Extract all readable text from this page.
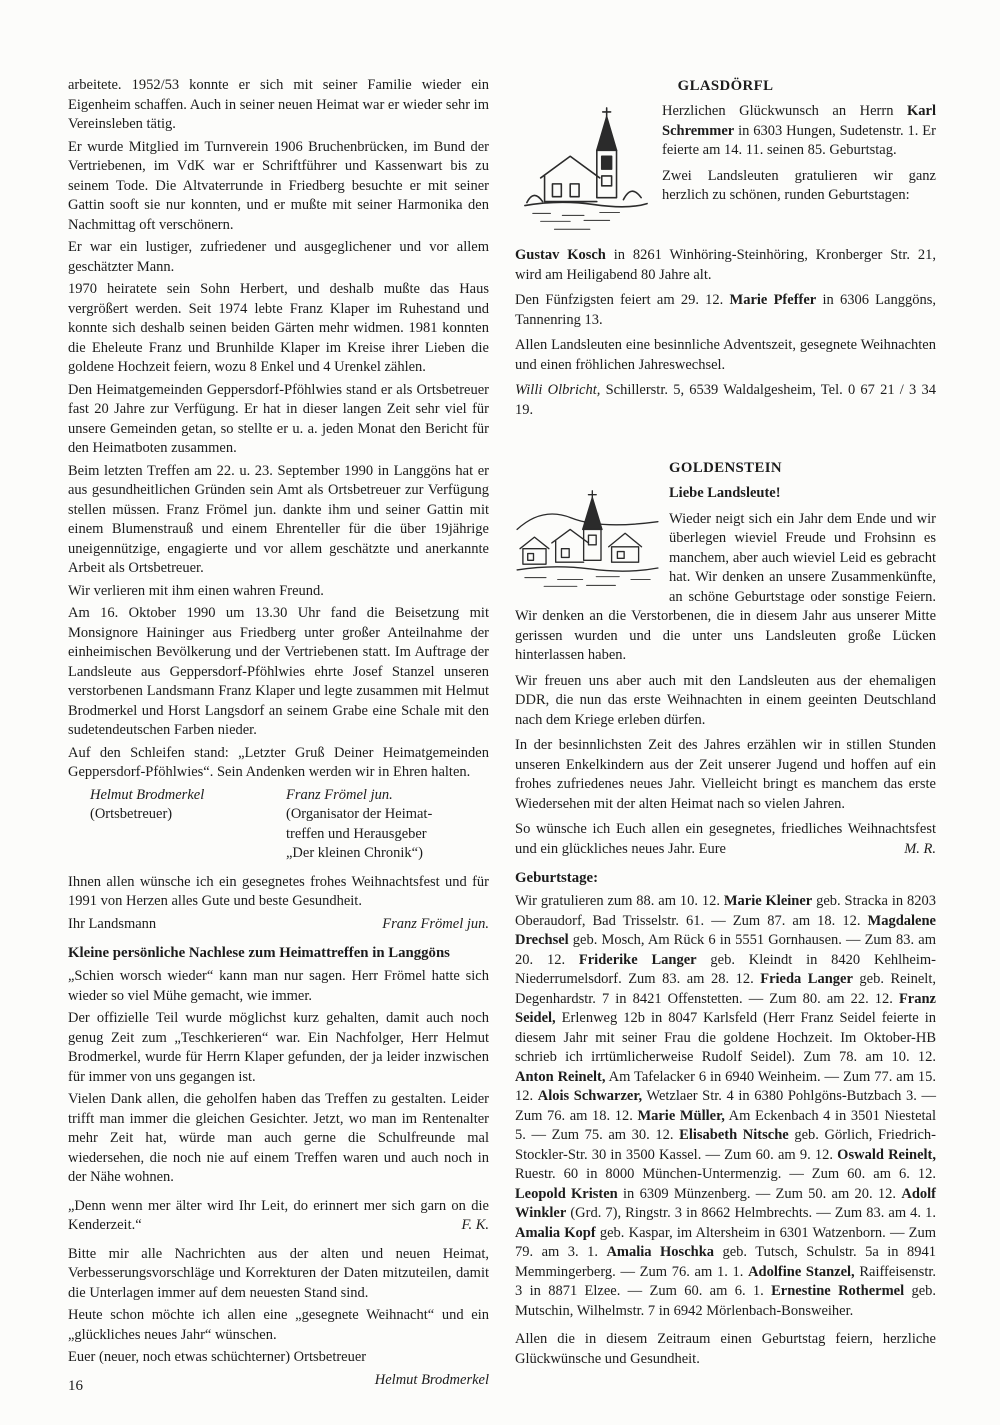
arbeitete. 1952/53 konnte er sich mit seiner Familie wieder ein Eigenheim schaffen. Auch in seiner neuen Heimat war er wieder sehr im Vereinsleben tätig.

Er wurde Mitglied im Turnverein 1906 Bruchenbrücken, im Bund der Vertriebenen, im VdK war er Schriftführer und Kassenwart bis zu seinem Tode. Die Altvaterrunde in Friedberg besuchte er mit seiner Gattin sooft sie nur konnten, und er mußte mit seiner Harmonika den Nachmittag oft verschönern.

Er war ein lustiger, zufriedener und ausgeglichener und vor allem geschätzter Mann.

1970 heiratete sein Sohn Herbert, und deshalb mußte das Haus vergrößert werden. Seit 1974 lebte Franz Klaper im Ruhestand und konnte sich deshalb seinen beiden Gärten mehr widmen. 1981 konnten die Eheleute Franz und Brunhilde Klaper im Kreise ihrer Lieben die goldene Hochzeit feiern, wozu 8 Enkel und 4 Urenkel zählen.

Den Heimatgemeinden Geppersdorf-Pföhlwies stand er als Ortsbetreuer fast 20 Jahre zur Verfügung. Er hat in dieser langen Zeit sehr viel für unsere Gemeinden getan, so stellte er u. a. jeden Monat den Bericht für den Heimatboten zusammen.

Beim letzten Treffen am 22. u. 23. September 1990 in Langgöns hat er aus gesundheitlichen Gründen sein Amt als Ortsbetreuer zur Verfügung stellen müssen. Franz Frömel jun. dankte ihm und seiner Gattin mit einem Blumenstrauß und einem Ehrenteller für die über 19jährige uneigennützige, engagierte und vor allem geschätzte und anerkannte Arbeit als Ortsbetreuer.

Wir verlieren mit ihm einen wahren Freund.

Am 16. Oktober 1990 um 13.30 Uhr fand die Beisetzung mit Monsignore Haininger aus Friedberg unter großer Anteilnahme der einheimischen Bevölkerung und der Vertriebenen statt. Im Auftrage der Landsleute aus Geppersdorf-Pföhlwies ehrte Josef Stanzel unseren verstorbenen Landsmann Franz Klaper und legte zusammen mit Helmut Brodmerkel und Horst Langsdorf an seinem Grabe eine Schale mit den sudetendeutschen Farben nieder.

Auf den Schleifen stand: „Letzter Gruß Deiner Heimatgemeinden Geppersdorf-Pföhlwies“. Sein Andenken werden wir in Ehren halten.

Helmut Brodmerkel
(Ortsbetreuer)
Franz Frömel jun.
(Organisator der Heimat-
treffen und Herausgeber
„Der kleinen Chronik“)

Ihnen allen wünsche ich ein gesegnetes frohes Weihnachtsfest und für 1991 von Herzen alles Gute und beste Gesundheit.

Ihr Landsmann	Franz Frömel jun.

Kleine persönliche Nachlese zum Heimattreffen in Langgöns

„Schien worsch wieder“ kann man nur sagen. Herr Frömel hatte sich wieder so viel Mühe gemacht, wie immer.

Der offizielle Teil wurde möglichst kurz gehalten, damit auch noch genug Zeit zum „Teschkerieren“ war. Ein Nachfolger, Herr Helmut Brodmerkel, wurde für Herrn Klaper gefunden, der ja leider inzwischen für immer von uns gegangen ist.

Vielen Dank allen, die geholfen haben das Treffen zu gestalten. Leider trifft man immer die gleichen Gesichter. Jetzt, wo man im Rentenalter mehr Zeit hat, würde man auch gerne die Schulfreunde mal wiedersehen, die noch nie auf einem Treffen waren und auch noch in der Nähe wohnen.

„Denn wenn mer älter wird Ihr Leit, do erinnert mer sich garn on die Kenderzeit.“	F. K.

Bitte mir alle Nachrichten aus der alten und neuen Heimat, Verbesserungsvorschläge und Korrekturen der Daten mitzuteilen, damit die Unterlagen immer auf dem neuesten Stand sind.

Heute schon möchte ich allen eine „gesegnete Weihnacht“ und ein „glückliches neues Jahr“ wünschen.

Euer (neuer, noch etwas schüchterner) Ortsbetreuer

Helmut Brodmerkel

GLASDÖRFL

Herzlichen Glückwunsch an Herrn Karl Schremmer in 6303 Hungen, Sudetenstr. 1. Er feierte am 14. 11. seinen 85. Geburtstag.

Zwei Landsleuten gratulieren wir ganz herzlich zu schönen, runden Geburtstagen:

Gustav Kosch in 8261 Winhöring-Steinhöring, Kronberger Str. 21, wird am Heiligabend 80 Jahre alt.

Den Fünfzigsten feiert am 29. 12. Marie Pfeffer in 6306 Langgöns, Tannenring 13.

Allen Landsleuten eine besinnliche Adventszeit, gesegnete Weihnachten und einen fröhlichen Jahreswechsel.

Willi Olbricht, Schillerstr. 5, 6539 Waldalgesheim, Tel. 0 67 21 / 3 34 19.

GOLDENSTEIN

Liebe Landsleute!

Wieder neigt sich ein Jahr dem Ende und wir überlegen wieviel Freude und Frohsinn es manchem, aber auch wieviel Leid es gebracht hat. Wir denken an unsere Zusammenkünfte, an schöne Geburtstage oder sonstige Feiern. Wir denken an die Verstorbenen, die in diesem Jahr aus unserer Mitte gerissen wurden und die unter uns Landsleuten große Lücken hinterlassen haben.

Wir freuen uns aber auch mit den Landsleuten aus der ehemaligen DDR, die nun das erste Weihnachten in einem geeinten Deutschland nach dem Kriege erleben dürfen.

In der besinnlichsten Zeit des Jahres erzählen wir in stillen Stunden unseren Enkelkindern aus der Zeit unserer Jugend und hoffen auf ein frohes zufriedenes neues Jahr. Vielleicht bringt es manchem das erste Wiedersehen mit der alten Heimat nach so vielen Jahren.

So wünsche ich Euch allen ein gesegnetes, friedliches Weihnachtsfest und ein glückliches neues Jahr. Eure	M. R.

Geburtstage:

Wir gratulieren zum 88. am 10. 12. Marie Kleiner geb. Stracka in 8203 Oberaudorf, Bad Trisselstr. 61. — Zum 87. am 18. 12. Magdalene Drechsel geb. Mosch, Am Rück 6 in 5551 Gornhausen. — Zum 83. am 20. 12. Friderike Langer geb. Kleindt in 8420 Kehlheim-Niederrumelsdorf. Zum 83. am 28. 12. Frieda Langer geb. Reinelt, Degenhardstr. 7 in 8421 Offenstetten. — Zum 80. am 22. 12. Franz Seidel, Erlenweg 12b in 8047 Karlsfeld (Herr Franz Seidel feierte in diesem Jahr mit seiner Frau die goldene Hochzeit. Im Oktober-HB schrieb ich irrtümlicherweise Rudolf Seidel). Zum 78. am 10. 12. Anton Reinelt, Am Tafelacker 6 in 6940 Weinheim. — Zum 77. am 15. 12. Alois Schwarzer, Wetzlaer Str. 4 in 6380 Pohlgöns-Butzbach 3. — Zum 76. am 18. 12. Marie Müller, Am Eckenbach 4 in 3501 Niestetal 5. — Zum 75. am 30. 12. Elisabeth Nitsche geb. Görlich, Friedrich-Stockler-Str. 30 in 3500 Kassel. — Zum 60. am 9. 12. Oswald Reinelt, Ruestr. 60 in 8000 München-Untermenzig. — Zum 60. am 6. 12. Leopold Kristen in 6309 Münzenberg. — Zum 50. am 20. 12. Adolf Winkler (Grd. 7), Ringstr. 3 in 8662 Helmbrechts. — Zum 83. am 4. 1. Amalia Kopf geb. Kaspar, im Altersheim in 6301 Watzenborn. — Zum 79. am 3. 1. Amalia Hoschka geb. Tutsch, Schulstr. 5a in 8941 Memmingerberg. — Zum 76. am 1. 1. Adolfine Stanzel, Raiffeisenstr. 3 in 8871 Elzee. — Zum 60. am 6. 1. Ernestine Rothermel geb. Mutschin, Wilhelmstr. 7 in 6942 Mörlenbach-Bonsweiher.

Allen die in diesem Zeitraum einen Geburtstag feiern, herzliche Glückwünsche und Gesundheit.

16
